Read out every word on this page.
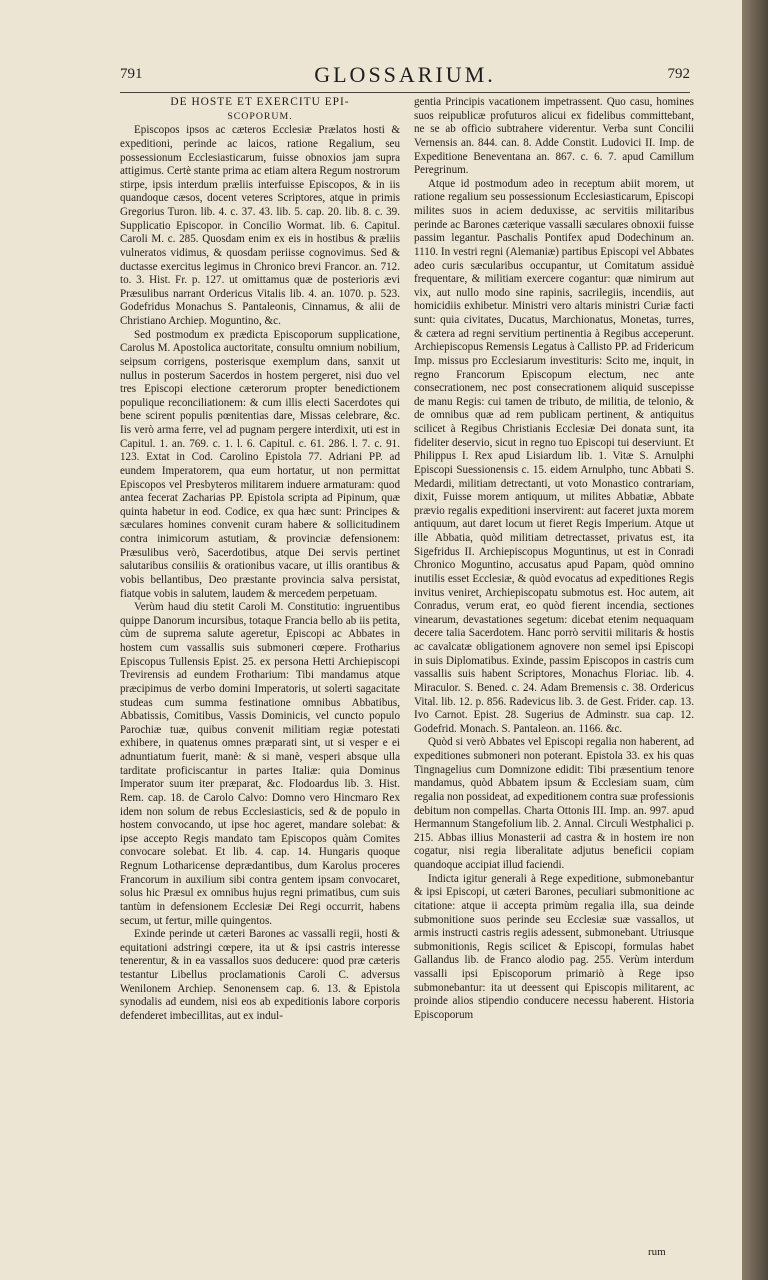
791	GLOSSARIUM.	792

DE HOSTE ET EXERCITU EPI-

SCOPORUM.

Episcopos ipsos ac cæteros Ecclesiæ Prælatos hosti & expeditioni, perinde ac laicos, ratione Regalium, seu possessionum Ecclesiasticarum, fuisse obnoxios jam supra attigimus. Certè stante prima ac etiam altera Regum nostrorum stirpe, ipsis interdum præliis interfuisse Episcopos, & in iis quandoque cæsos, docent veteres Scriptores, atque in primis Gregorius Turon. lib. 4. c. 37. 43. lib. 5. cap. 20. lib. 8. c. 39. Supplicatio Episcopor. in Concilio Wormat. lib. 6. Capitul. Caroli M. c. 285. Quosdam enim ex eis in hostibus & præliis vulneratos vidimus, & quosdam periisse cognovimus. Sed & ductasse exercitus legimus in Chronico brevi Francor. an. 712. to. 3. Hist. Fr. p. 127. ut omittamus quæ de posterioris ævi Præsulibus narrant Ordericus Vitalis lib. 4. an. 1070. p. 523. Godefridus Monachus S. Pantaleonis, Cinnamus, & alii de Christiano Archiep. Moguntino, &c.

Sed postmodum ex prædicta Episcoporum supplicatione, Carolus M. Apostolica auctoritate, consultu omnium nobilium, seipsum corrigens, posterisque exemplum dans, sanxit ut nullus in posterum Sacerdos in hostem pergeret, nisi duo vel tres Episcopi electione cæterorum propter benedictionem populique reconciliationem: & cum illis electi Sacerdotes qui bene scirent populis pœnitentias dare, Missas celebrare, &c. Iis verò arma ferre, vel ad pugnam pergere interdixit, uti est in Capitul. 1. an. 769. c. 1. l. 6. Capitul. c. 61. 286. l. 7. c. 91. 123. Extat in Cod. Carolino Epistola 77. Adriani PP. ad eundem Imperatorem, qua eum hortatur, ut non permittat Episcopos vel Presbyteros militarem induere armaturam: quod antea fecerat Zacharias PP. Epistola scripta ad Pipinum, quæ quinta habetur in eod. Codice, ex qua hæc sunt: Principes & sæculares homines convenit curam habere & sollicitudinem contra inimicorum astutiam, & provinciæ defensionem: Præsulibus verò, Sacerdotibus, atque Dei servis pertinet salutaribus consiliis & orationibus vacare, ut illis orantibus & vobis bellantibus, Deo præstante provincia salva persistat, fiatque vobis in salutem, laudem & mercedem perpetuam.

Verùm haud diu stetit Caroli M. Constitutio: ingruentibus quippe Danorum incursibus, totaque Francia bello ab iis petita, cùm de suprema salute ageretur, Episcopi ac Abbates in hostem cum vassallis suis submoneri cœpere. Frotharius Episcopus Tullensis Epist. 25. ex persona Hetti Archiepiscopi Trevirensis ad eundem Frotharium: Tibi mandamus atque præcipimus de verbo domini Imperatoris, ut solerti sagacitate studeas cum summa festinatione omnibus Abbatibus, Abbatissis, Comitibus, Vassis Dominicis, vel cuncto populo Parochiæ tuæ, quibus convenit militiam regiæ potestati exhibere, in quatenus omnes præparati sint, ut si vesper e ei adnuntiatum fuerit, manè: & si manè, vesperi absque ulla tarditate proficiscantur in partes Italiæ: quia Dominus Imperator suum iter præparat, &c. Flodoardus lib. 3. Hist. Rem. cap. 18. de Carolo Calvo: Domno vero Hincmaro Rex idem non solum de rebus Ecclesiasticis, sed & de populo in hostem convocando, ut ipse hoc ageret, mandare solebat: & ipse accepto Regis mandato tam Episcopos quàm Comites convocare solebat. Et lib. 4. cap. 14. Hungaris quoque Regnum Lotharicense deprædantibus, dum Karolus proceres Francorum in auxilium sibi contra gentem ipsam convocaret, solus hic Præsul ex omnibus hujus regni primatibus, cum suis tantùm in defensionem Ecclesiæ Dei Regi occurrit, habens secum, ut fertur, mille quingentos.

Exinde perinde ut cæteri Barones ac vassalli regii, hosti & equitationi adstringi cœpere, ita ut & ipsi castris interesse tenerentur, & in ea vassallos suos deducere: quod præ cæteris testantur Libellus proclamationis Caroli C. adversus Wenilonem Archiep. Senonensem cap. 6. 13. & Epistola synodalis ad eundem, nisi eos ab expeditionis labore corporis defenderet imbecillitas, aut ex indul-

gentia Principis vacationem impetrassent. Quo casu, homines suos reipublicæ profuturos alicui ex fidelibus committebant, ne se ab officio subtrahere viderentur. Verba sunt Concilii Vernensis an. 844. can. 8. Adde Constit. Ludovici II. Imp. de Expeditione Beneventana an. 867. c. 6. 7. apud Camillum Peregrinum.

Atque id postmodum adeo in receptum abiit morem, ut ratione regalium seu possessionum Ecclesiasticarum, Episcopi milites suos in aciem deduxisse, ac servitiis militaribus perinde ac Barones cæterique vassalli sæculares obnoxii fuisse passim legantur. Paschalis Pontifex apud Dodechinum an. 1110. In vestri regni (Alemaniæ) partibus Episcopi vel Abbates adeo curis sæcularibus occupantur, ut Comitatum assiduè frequentare, & militiam exercere cogantur: quæ nimirum aut vix, aut nullo modo sine rapinis, sacrilegiis, incendiis, aut homicidiis exhibetur. Ministri vero altaris ministri Curiæ facti sunt: quia civitates, Ducatus, Marchionatus, Monetas, turres, & cætera ad regni servitium pertinentia à Regibus acceperunt. Archiepiscopus Remensis Legatus à Callisto PP. ad Fridericum Imp. missus pro Ecclesiarum investituris: Scito me, inquit, in regno Francorum Episcopum electum, nec ante consecrationem, nec post consecrationem aliquid suscepisse de manu Regis: cui tamen de tributo, de militia, de telonio, & de omnibus quæ ad rem publicam pertinent, & antiquitus scilicet à Regibus Christianis Ecclesiæ Dei donata sunt, ita fideliter deservio, sicut in regno tuo Episcopi tui deserviunt. Et Philippus I. Rex apud Lisiardum lib. 1. Vitæ S. Arnulphi Episcopi Suessionensis c. 15. eidem Arnulpho, tunc Abbati S. Medardi, militiam detrectanti, ut voto Monastico contrariam, dixit, Fuisse morem antiquum, ut milites Abbatiæ, Abbate prævio regalis expeditioni inservirent: aut faceret juxta morem antiquum, aut daret locum ut fieret Regis Imperium. Atque ut ille Abbatia, quòd militiam detrectasset, privatus est, ita Sigefridus II. Archiepiscopus Moguntinus, ut est in Conradi Chronico Moguntino, accusatus apud Papam, quòd omnino inutilis esset Ecclesiæ, & quòd evocatus ad expeditiones Regis invitus veniret, Archiepiscopatu submotus est. Hoc autem, ait Conradus, verum erat, eo quòd fierent incendia, sectiones vinearum, devastationes segetum: dicebat etenim nequaquam decere talia Sacerdotem. Hanc porrò servitii militaris & hostis ac cavalcatæ obligationem agnovere non semel ipsi Episcopi in suis Diplomatibus. Exinde, passim Episcopos in castris cum vassallis suis habent Scriptores, Monachus Floriac. lib. 4. Miraculor. S. Bened. c. 24. Adam Bremensis c. 38. Ordericus Vital. lib. 12. p. 856. Radevicus lib. 3. de Gest. Frider. cap. 13. Ivo Carnot. Epist. 28. Sugerius de Adminstr. sua cap. 12. Godefrid. Monach. S. Pantaleon. an. 1166. &c.

Quòd si verò Abbates vel Episcopi regalia non haberent, ad expeditiones submoneri non poterant. Epistola 33. ex his quas Tingnagelius cum Domnizone edidit: Tibi præsentium tenore mandamus, quòd Abbatem ipsum & Ecclesiam suam, cùm regalia non possideat, ad expeditionem contra suæ professionis debitum non compellas. Charta Ottonis III. Imp. an. 997. apud Hermannum Stangefolium lib. 2. Annal. Circuli Westphalici p. 215. Abbas illius Monasterii ad castra & in hostem ire non cogatur, nisi regia liberalitate adjutus beneficii copiam quandoque accipiat illud faciendi.

Indicta igitur generali à Rege expeditione, submonebantur & ipsi Episcopi, ut cæteri Barones, peculiari submonitione ac citatione: atque ii accepta primùm regalia illa, sua deinde submonitione suos perinde seu Ecclesiæ suæ vassallos, ut armis instructi castris regiis adessent, submonebant. Utriusque submonitionis, Regis scilicet & Episcopi, formulas habet Gallandus lib. de Franco alodio pag. 255. Verùm interdum vassalli ipsi Episcoporum primariò à Rege ipso submonebantur: ita ut deessent qui Episcopis militarent, ac proinde alios stipendio conducere necessu haberent. Historia Episcoporum

rum
